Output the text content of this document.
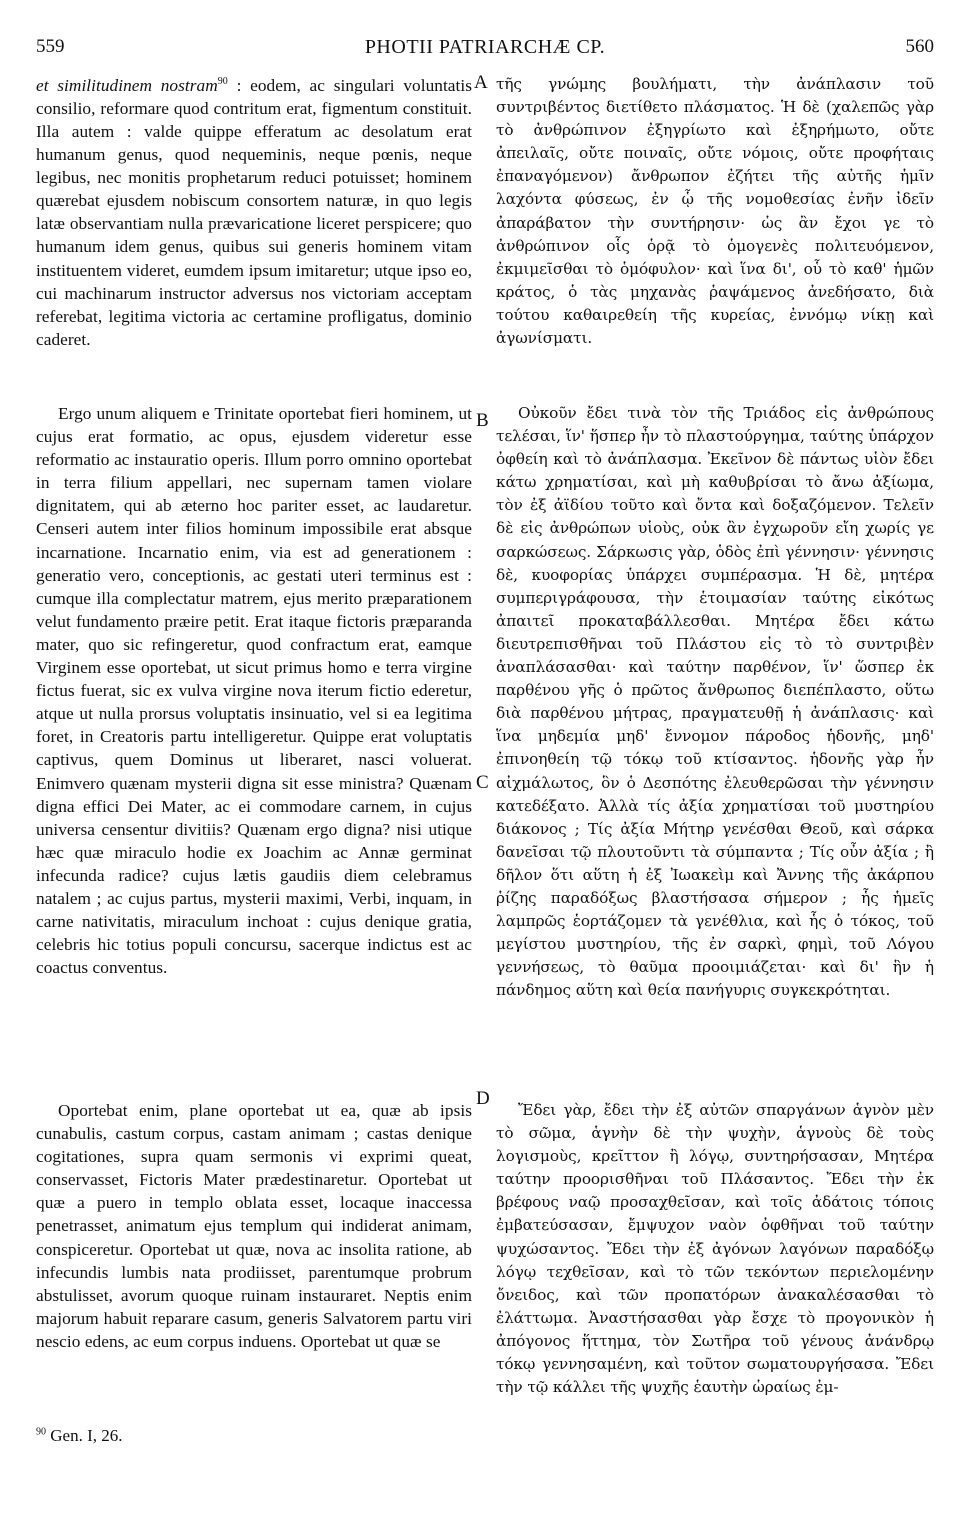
559	PHOTII PATRIARCHÆ CP.	560

et similitudinem nostram$^{90}$ : eodem, ac singulari voluntatis consilio, reformare quod contritum erat, figmentum constituit. Illa autem : valde quippe efferatum ac desolatum erat humanum genus, quod nequeminis, neque pœnis, neque legibus, nec monitis prophetarum reduci potuisset; hominem quærebat ejusdem nobiscum consortem naturæ, in quo legis latæ observantiam nulla prævaricatione liceret perspicere; quo humanum idem genus, quibus sui generis hominem vitam instituentem videret, eumdem ipsum imitaretur; utque ipso eo, cui machinarum instructor adversus nos victoriam acceptam referebat, legitima victoria ac certamine profligatus, dominio caderet.

Ergo unum aliquem e Trinitate oportebat fieri hominem, ut cujus erat formatio, ac opus, ejusdem videretur esse reformatio ac instauratio operis. Illum porro omnino oportebat in terra filium appellari, nec supernam tamen violare dignitatem, qui ab æterno hoc pariter esset, ac laudaretur. Censeri autem inter filios hominum impossibile erat absque incarnatione. Incarnatio enim, via est ad generationem : generatio vero, conceptionis, ac gestati uteri terminus est : cumque illa complectatur matrem, ejus merito præparationem velut fundamento præire petit. Erat itaque fictoris præparanda mater, quo sic refingeretur, quod confractum erat, eamque Virginem esse oportebat, ut sicut primus homo e terra virgine fictus fuerat, sic ex vulva virgine nova iterum fictio ederetur, atque ut nulla prorsus voluptatis insinuatio, vel si ea legitima foret, in Creatoris partu intelligeretur. Quippe erat voluptatis captivus, quem Dominus ut liberaret, nasci voluerat. Enimvero quænam mysterii digna sit esse ministra? Quænam digna effici Dei Mater, ac ei commodare carnem, in cujus universa censentur divitiis? Quænam ergo digna? nisi utique hæc quæ miraculo hodie ex Joachim ac Annæ germinat infecunda radice? cujus lætis gaudiis diem celebramus natalem ; ac cujus partus, mysterii maximi, Verbi, inquam, in carne nativitatis, miraculum inchoat : cujus denique gratia, celebris hic totius populi concursu, sacerque indictus est ac coactus conventus.

Oportebat enim, plane oportebat ut ea, quæ ab ipsis cunabulis, castum corpus, castam animam ; castas denique cogitationes, supra quam sermonis vi exprimi queat, conservasset, Fictoris Mater prædestinaretur. Oportebat ut quæ a puero in templo oblata esset, locaque inaccessa penetrasset, animatum ejus templum qui indiderat animam, conspiceretur. Oportebat ut quæ, nova ac insolita ratione, ab infecundis lumbis nata prodiisset, parentumque probrum abstulisset, avorum quoque ruinam instauraret. Neptis enim majorum habuit reparare casum, generis Salvatorem partu viri nescio edens, ac eum corpus induens. Oportebat ut quæ se

A
B
C
D

τῆς γνώμης βουλήματι, τὴν ἀνάπλασιν τοῦ συντριβέντος διετίθετο πλάσματος. Ἡ δὲ (χαλεπῶς γὰρ τὸ ἀνθρώπινον ἐξηγρίωτο καὶ ἐξηρήμωτο, οὔτε ἀπειλαῖς, οὔτε ποιναῖς, οὔτε νόμοις, οὔτε προφήταις ἐπαναγόμενον) ἄνθρωπον ἐζήτει τῆς αὐτῆς ἡμῖν λαχόντα φύσεως, ἐν ᾧ τῆς νομοθεσίας ἐνῆν ἰδεῖν ἀπαράβατον τὴν συντήρησιν· ὡς ἂν ἔχοι γε τὸ ἀνθρώπινον οἷς ὁρᾷ τὸ ὁμογενὲς πολιτευόμενον, ἐκμιμεῖσθαι τὸ ὁμόφυλον· καὶ ἵνα δι', οὗ τὸ καθ' ἡμῶν κράτος, ὁ τὰς μηχανὰς ῥαψάμενος ἀνεδήσατο, διὰ τούτου καθαιρεθείη τῆς κυρείας, ἐννόμῳ νίκῃ καὶ ἀγωνίσματι.

Οὐκοῦν ἔδει τινὰ τὸν τῆς Τριάδος εἰς ἀνθρώπους τελέσαι, ἵν' ἥσπερ ἦν τὸ πλαστούργημα, ταύτης ὑπάρχον ὀφθείη καὶ τὸ ἀνάπλασμα. Ἐκεῖνον δὲ πάντως υἱὸν ἔδει κάτω χρηματίσαι, καὶ μὴ καθυβρίσαι τὸ ἄνω ἀξίωμα, τὸν ἐξ ἀϊδίου τοῦτο καὶ ὄντα καὶ δοξαζόμενον. Τελεῖν δὲ εἰς ἀνθρώπων υἱοὺς, οὐκ ἂν ἐγχωροῦν εἴη χωρίς γε σαρκώσεως. Σάρκωσις γὰρ, ὁδὸς ἐπὶ γέννησιν· γέννησις δὲ, κυοφορίας ὑπάρχει συμπέρασμα. Ἡ δὲ, μητέρα συμπεριγράφουσα, τὴν ἑτοιμασίαν ταύτης εἰκότως ἀπαιτεῖ προκαταβάλλεσθαι. Μητέρα ἔδει κάτω διευτρεπισθῆναι τοῦ Πλάστου εἰς τὸ τὸ συντριβὲν ἀναπλάσασθαι· καὶ ταύτην παρθένον, ἵν' ὥσπερ ἐκ παρθένου γῆς ὁ πρῶτος ἄνθρωπος διεπέπλαστο, οὕτω διὰ παρθένου μήτρας, πραγματευθῇ ἡ ἀνάπλασις· καὶ ἵνα μηδεμία μηδ' ἔννομον πάροδος ἡδονῆς, μηδ' ἐπινοηθείη τῷ τόκῳ τοῦ κτίσαντος. ἡδονῆς γὰρ ἦν αἰχμάλωτος, ὃν ὁ Δεσπότης ἐλευθερῶσαι τὴν γέννησιν κατεδέξατο. Ἀλλὰ τίς ἀξία χρηματίσαι τοῦ μυστηρίου διάκονος ; Τίς ἀξία Μήτηρ γενέσθαι Θεοῦ, καὶ σάρκα δανεῖσαι τῷ πλουτοῦντι τὰ σύμπαντα ; Τίς οὖν ἀξία ; ἢ δῆλον ὅτι αὕτη ἡ ἐξ Ἰωακεὶμ καὶ Ἄννης τῆς ἀκάρπου ῥίζης παραδόξως βλαστήσασα σήμερον ; ἧς ἡμεῖς λαμπρῶς ἑορτάζομεν τὰ γενέθλια, καὶ ἧς ὁ τόκος, τοῦ μεγίστου μυστηρίου, τῆς ἐν σαρκὶ, φημὶ, τοῦ Λόγου γεννήσεως, τὸ θαῦμα προοιμιάζεται· καὶ δι' ἣν ἡ πάνδημος αὕτη καὶ θεία πανήγυρις συγκεκρότηται.

Ἔδει γὰρ, ἔδει τὴν ἐξ αὐτῶν σπαργάνων ἁγνὸν μὲν τὸ σῶμα, ἁγνὴν δὲ τὴν ψυχὴν, ἁγνοὺς δὲ τοὺς λογισμοὺς, κρεῖττον ἢ λόγῳ, συντηρήσασαν, Μητέρα ταύτην προορισθῆναι τοῦ Πλάσαντος. Ἔδει τὴν ἐκ βρέφους ναῷ προσαχθεῖσαν, καὶ τοῖς ἀδάτοις τόποις ἐμβατεύσασαν, ἔμψυχον ναὸν ὀφθῆναι τοῦ ταύτην ψυχώσαντος. Ἔδει τὴν ἐξ ἀγόνων λαγόνων παραδόξῳ λόγῳ τεχθεῖσαν, καὶ τὸ τῶν τεκόντων περιελομένην ὄνειδος, καὶ τῶν προπατόρων ἀνακαλέσασθαι τὸ ἐλάττωμα. Ἀναστήσασθαι γὰρ ἔσχε τὸ προγονικὸν ἡ ἀπόγονος ἥττημα, τὸν Σωτῆρα τοῦ γένους ἀνάνδρῳ τόκῳ γεννησαμένη, καὶ τοῦτον σωματουργήσασα. Ἔδει τὴν τῷ κάλλει τῆς ψυχῆς ἑαυτὴν ὡραίως ἐμ-

$^{90}$ Gen. I, 26.
